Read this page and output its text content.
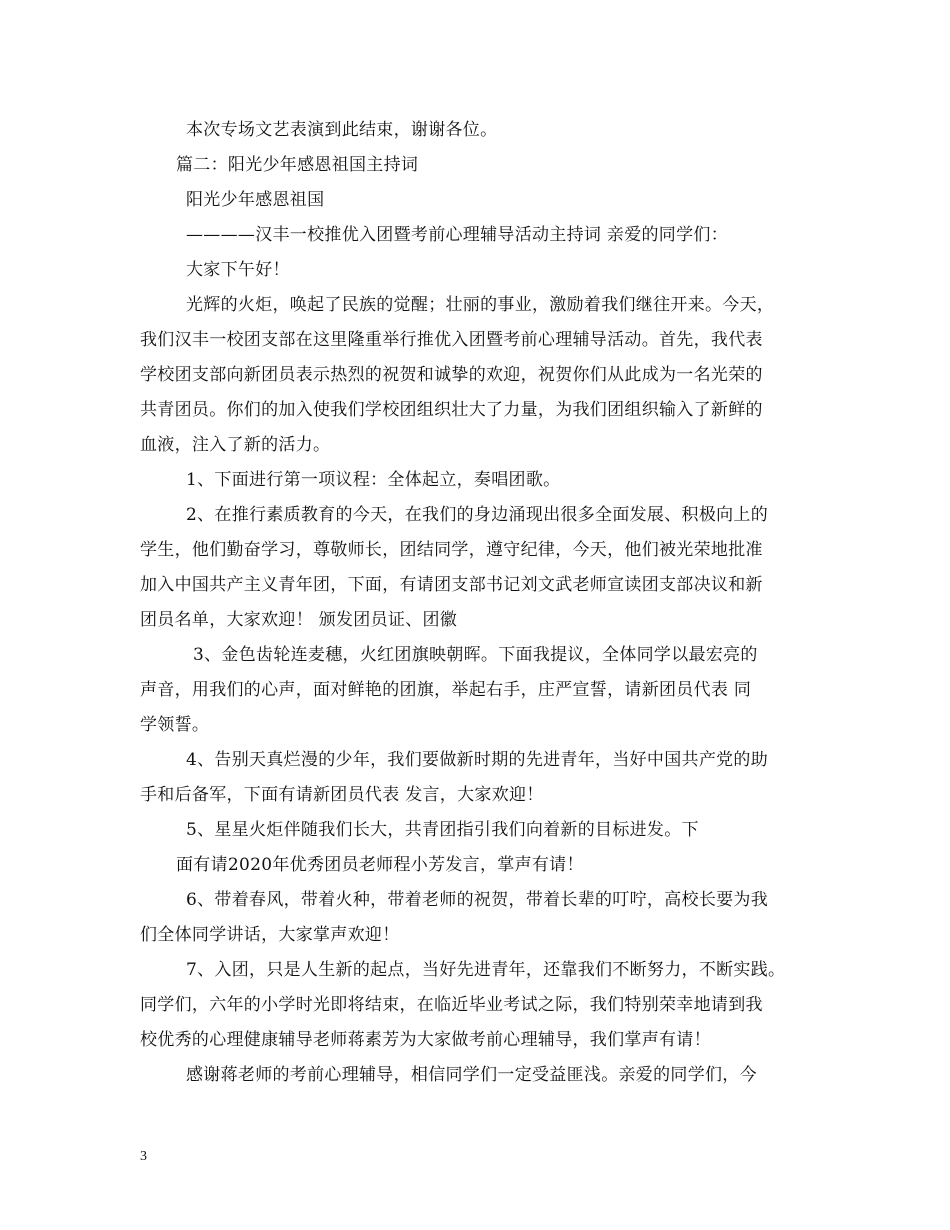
本次专场文艺表演到此结束，谢谢各位。
篇二：阳光少年感恩祖国主持词
阳光少年感恩祖国
————汉丰一校推优入团暨考前心理辅导活动主持词 亲爱的同学们：
大家下午好！
光辉的火炬，唤起了民族的觉醒；壮丽的事业，激励着我们继往开来。今天，
我们汉丰一校团支部在这里隆重举行推优入团暨考前心理辅导活动。首先，我代表
学校团支部向新团员表示热烈的祝贺和诚挚的欢迎，祝贺你们从此成为一名光荣的
共青团员。你们的加入使我们学校团组织壮大了力量，为我们团组织输入了新鲜的
血液，注入了新的活力。
1、下面进行第一项议程：全体起立，奏唱团歌。
2、在推行素质教育的今天，在我们的身边涌现出很多全面发展、积极向上的
学生，他们勤奋学习，尊敬师长，团结同学，遵守纪律，今天，他们被光荣地批准
加入中国共产主义青年团，下面，有请团支部书记刘文武老师宣读团支部决议和新
团员名单，大家欢迎！ 颁发团员证、团徽
3、金色齿轮连麦穗，火红团旗映朝晖。下面我提议，全体同学以最宏亮的
声音，用我们的心声，面对鲜艳的团旗，举起右手，庄严宣誓，请新团员代表 同
学领誓。
4、告别天真烂漫的少年，我们要做新时期的先进青年，当好中国共产党的助
手和后备军，下面有请新团员代表 发言，大家欢迎！
5、星星火炬伴随我们长大，共青团指引我们向着新的目标进发。下
面有请2020年优秀团员老师程小芳发言，掌声有请！
6、带着春风，带着火种，带着老师的祝贺，带着长辈的叮咛，高校长要为我
们全体同学讲话，大家掌声欢迎！
7、入团，只是人生新的起点，当好先进青年，还靠我们不断努力，不断实践。
同学们，六年的小学时光即将结束，在临近毕业考试之际，我们特别荣幸地请到我
校优秀的心理健康辅导老师蒋素芳为大家做考前心理辅导，我们掌声有请！
感谢蒋老师的考前心理辅导，相信同学们一定受益匪浅。亲爱的同学们，今
3
